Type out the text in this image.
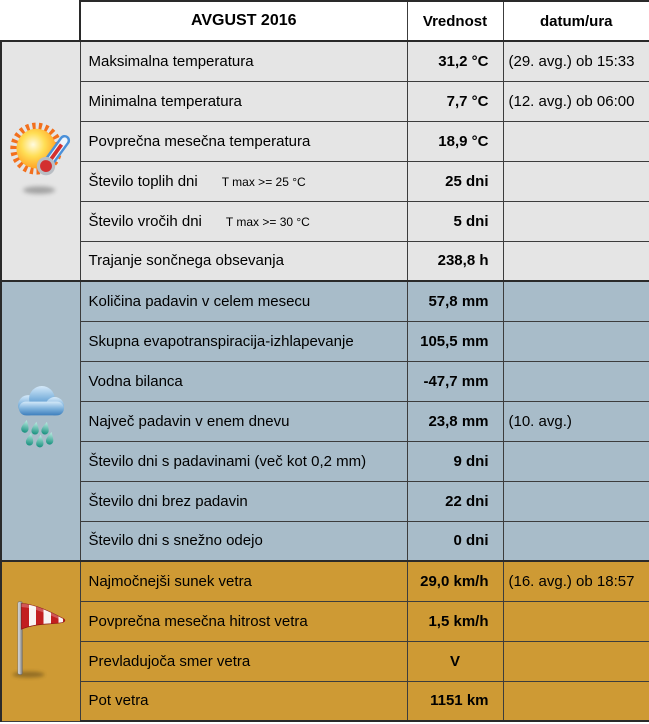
	AVGUST 2016	Vrednost	datum/ura
	Maksimalna temperatura	31,2 °C	(29. avg.) ob 15:33
	Minimalna temperatura	7,7 °C	(12. avg.) ob 06:00
	Povprečna mesečna temperatura	18,9 °C	
	Število toplih dni T max >= 25 °C	25 dni	
	Število vročih dni T max >= 30 °C	5 dni	
	Trajanje sončnega obsevanja	238,8 h	
	Količina padavin v celem mesecu	57,8 mm	
	Skupna evapotranspiracija-izhlapevanje	105,5 mm	
	Vodna bilanca	-47,7 mm	
	Največ padavin v enem dnevu	23,8 mm	(10. avg.)
	Število dni s padavinami (več kot 0,2 mm)	9 dni	
	Število dni brez padavin	22 dni	
	Število dni s snežno odejo	0 dni	
	Najmočnejši sunek vetra	29,0 km/h	(16. avg.) ob 18:57
	Povprečna mesečna hitrost vetra	1,5 km/h	
	Prevladujoča smer vetra	V	
	Pot vetra	1151 km	
